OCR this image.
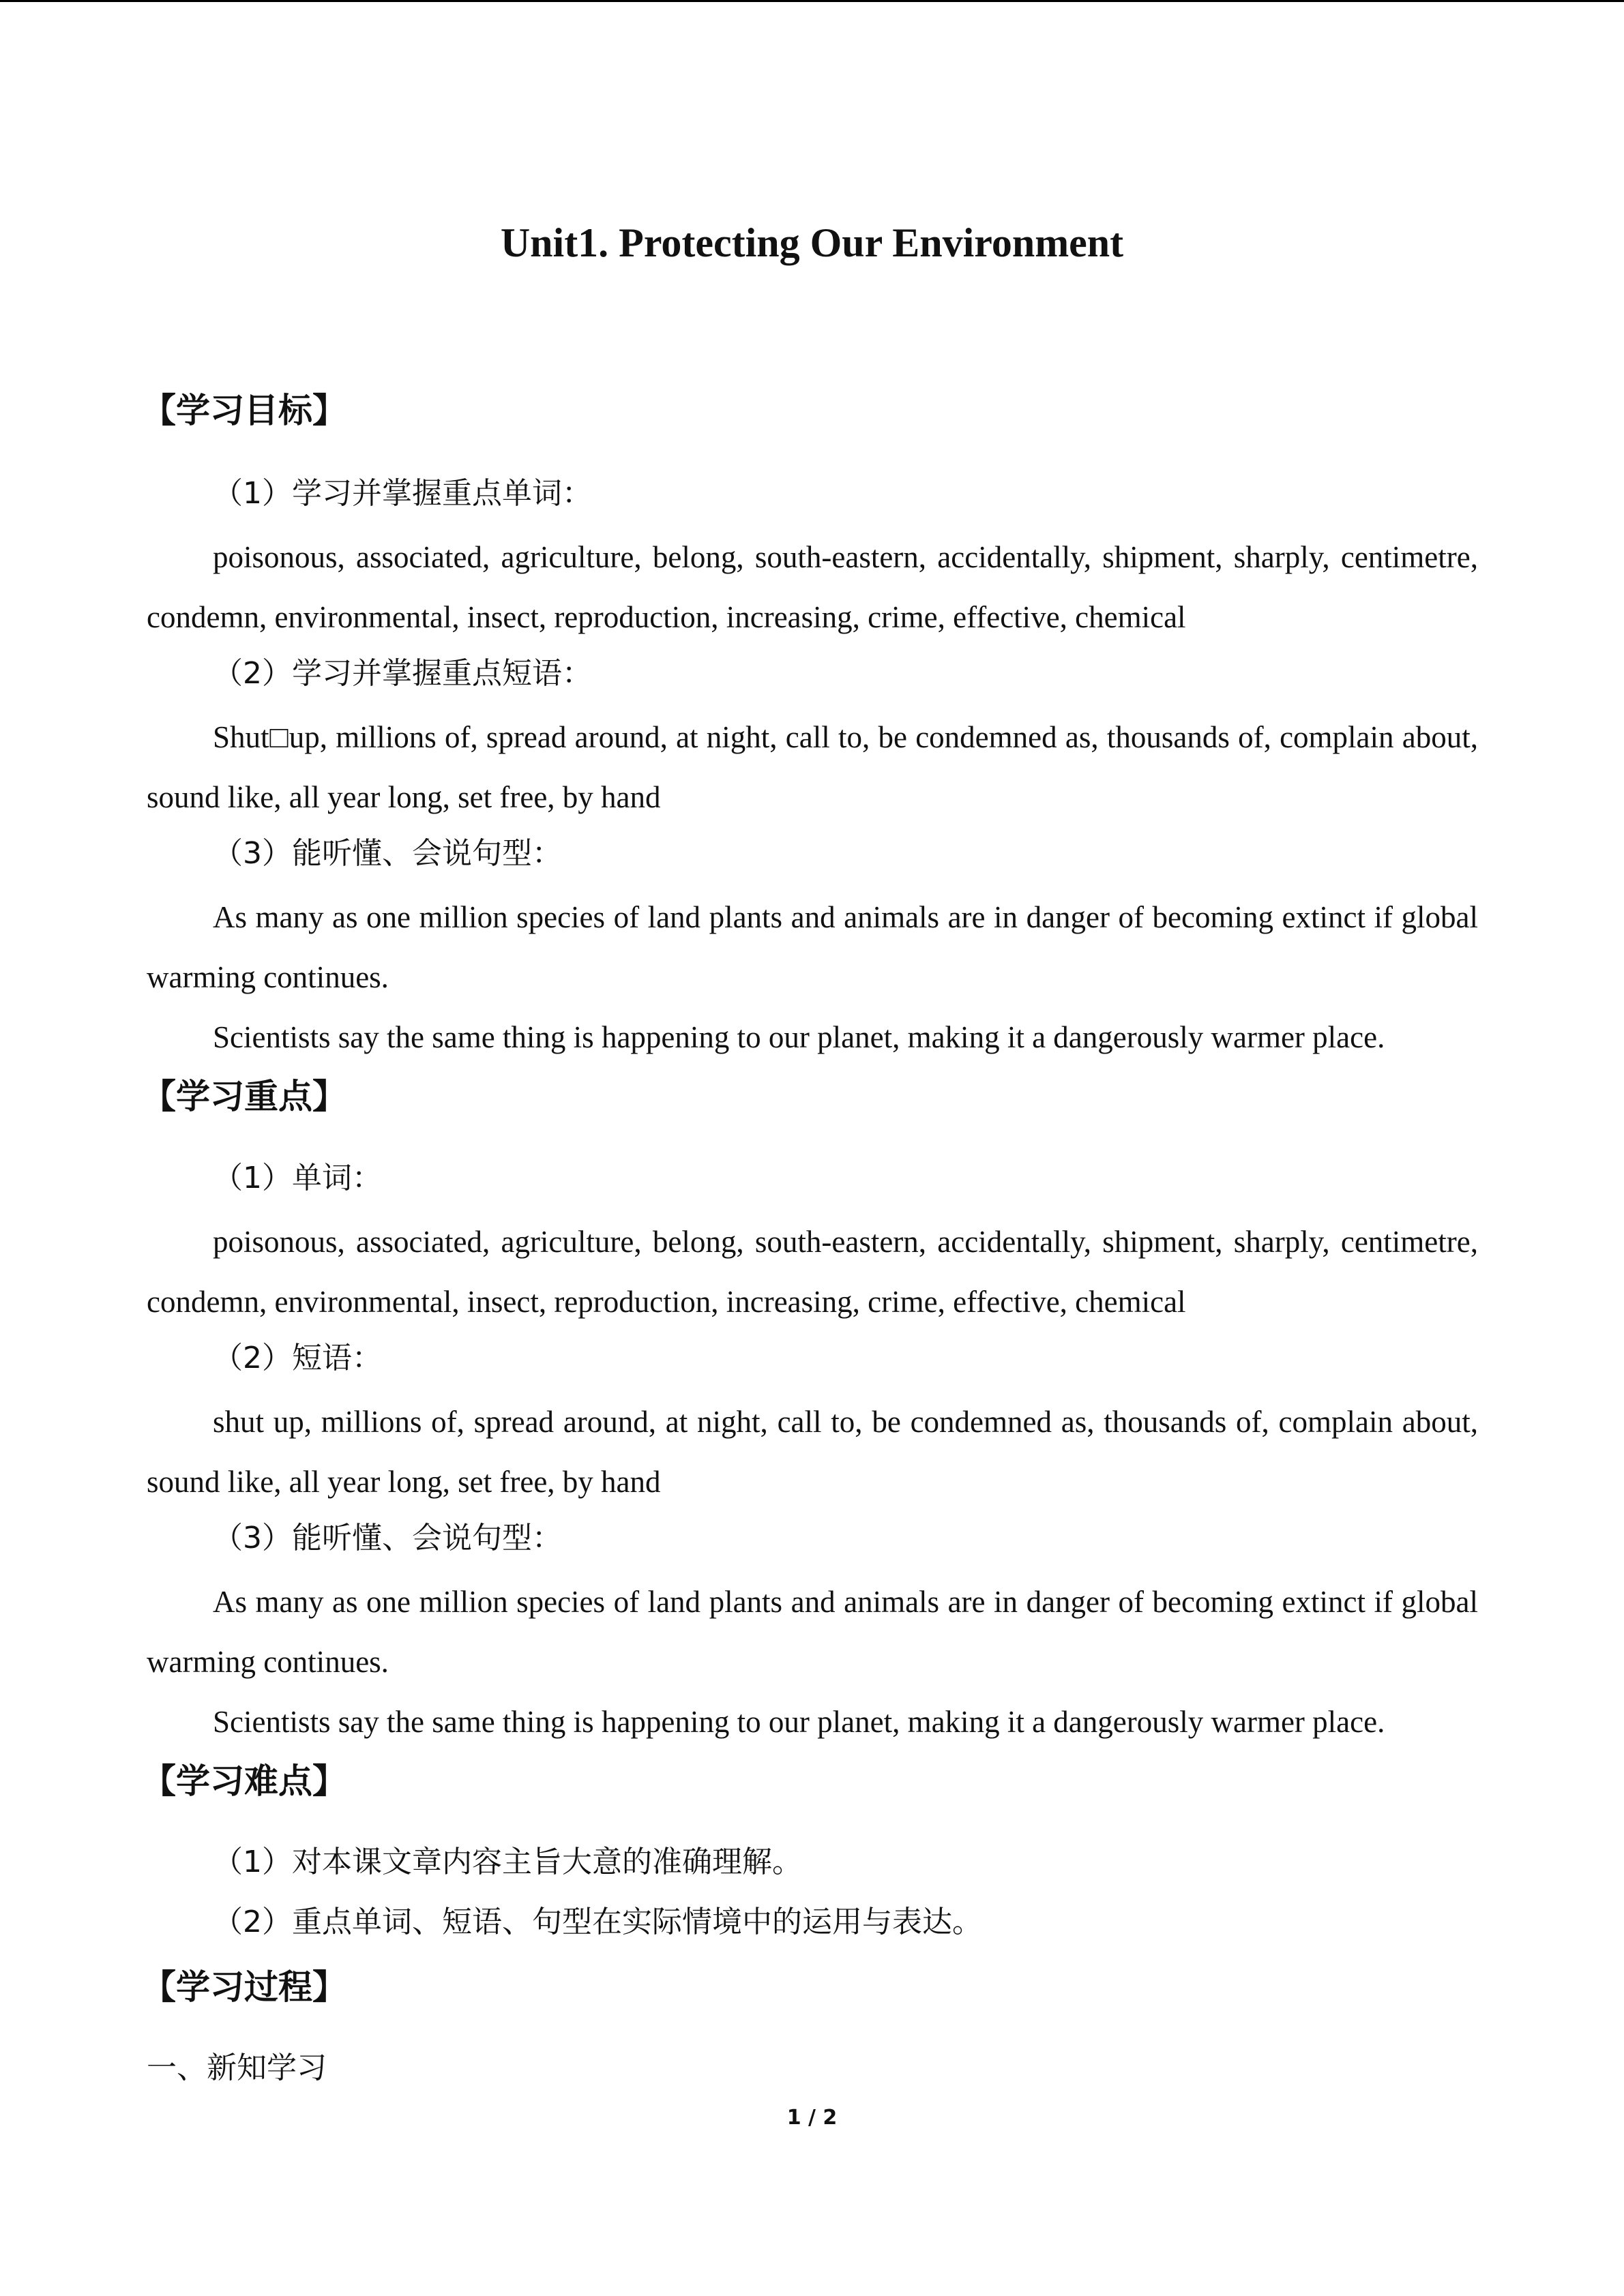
Unit1. Protecting Our Environment
【学习目标】
（1）学习并掌握重点单词：
poisonous, associated, agriculture, belong, south-eastern, accidentally, shipment, sharply, centimetre, condemn, environmental, insect, reproduction, increasing, crime, effective, chemical
（2）学习并掌握重点短语：
Shut□up, millions of, spread around, at night, call to, be condemned as, thousands of, complain about, sound like, all year long, set free, by hand
（3）能听懂、会说句型：
As many as one million species of land plants and animals are in danger of becoming extinct if global warming continues.
Scientists say the same thing is happening to our planet, making it a dangerously warmer place.
【学习重点】
（1）单词：
poisonous, associated, agriculture, belong, south-eastern, accidentally, shipment, sharply, centimetre, condemn, environmental, insect, reproduction, increasing, crime, effective, chemical
（2）短语：
shut up, millions of, spread around, at night, call to, be condemned as, thousands of, complain about, sound like, all year long, set free, by hand
（3）能听懂、会说句型：
As many as one million species of land plants and animals are in danger of becoming extinct if global warming continues.
Scientists say the same thing is happening to our planet, making it a dangerously warmer place.
【学习难点】
（1）对本课文章内容主旨大意的准确理解。
（2）重点单词、短语、句型在实际情境中的运用与表达。
【学习过程】
一、新知学习
1 / 2
